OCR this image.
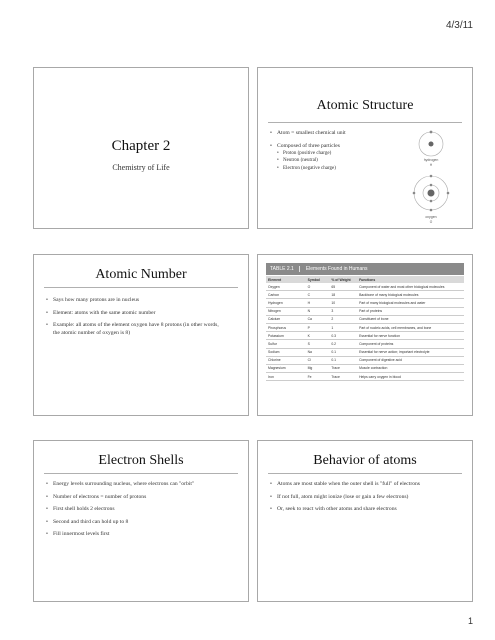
4/3/11
Chapter 2
Chemistry of Life
Atomic Structure
• Atom = smallest chemical unit
• Composed of three particles
• Proton (positive charge)
• Neutron (neutral)
• Electron (negative charge)
hydrogen
H
oxygen
O
Atomic Number
• Says how many protons are in nucleus
• Element: atoms with the same atomic number
• Example: all atoms of the element oxygen have 8 protons (in other words, the atomic number of oxygen is 8)
TABLE 2.1	Elements Found in Humans
Element	Symbol	% of Weight	Functions
Oxygen	O	65	Component of water and most other biological molecules
Carbon	C	18	Backbone of many biological molecules
Hydrogen	H	10	Part of many biological molecules and water
Nitrogen	N	3	Part of proteins
Calcium	Ca	2	Constituent of bone
Phosphorus	P	1	Part of nucleic acids, cell membranes, and bone
Potassium	K	0.3	Essential for nerve function
Sulfur	S	0.2	Component of proteins
Sodium	Na	0.1	Essential for nerve action; important electrolyte
Chlorine	Cl	0.1	Component of digestive acid
Magnesium	Mg	Trace	Muscle contraction
Iron	Fe	Trace	Helps carry oxygen in blood
Electron Shells
• Energy levels surrounding nucleus, where electrons can "orbit"
• Number of electrons = number of protons
• First shell holds 2 electrons
• Second and third can hold up to 8
• Fill innermost levels first
Behavior of atoms
• Atoms are most stable when the outer shell is "full" of electrons
• If not full, atom might ionize (lose or gain a few electrons)
• Or, seek to react with other atoms and share electrons
1
